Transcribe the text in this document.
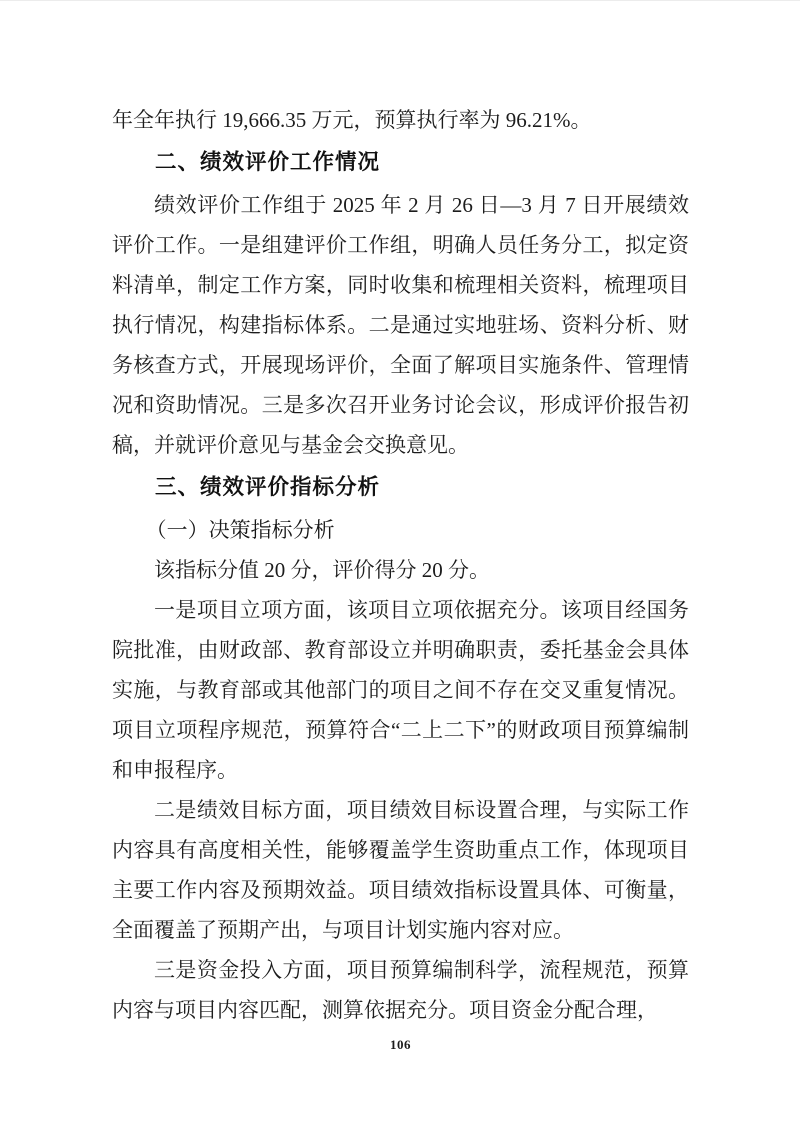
年全年执行 19,666.35 万元，预算执行率为 96.21%。

二、绩效评价工作情况

绩效评价工作组于 2025 年 2 月 26 日—3 月 7 日开展绩效评价工作。一是组建评价工作组，明确人员任务分工，拟定资料清单，制定工作方案，同时收集和梳理相关资料，梳理项目执行情况，构建指标体系。二是通过实地驻场、资料分析、财务核查方式，开展现场评价，全面了解项目实施条件、管理情况和资助情况。三是多次召开业务讨论会议，形成评价报告初稿，并就评价意见与基金会交换意见。

三、绩效评价指标分析

（一）决策指标分析

该指标分值 20 分，评价得分 20 分。

一是项目立项方面，该项目立项依据充分。该项目经国务院批准，由财政部、教育部设立并明确职责，委托基金会具体实施，与教育部或其他部门的项目之间不存在交叉重复情况。项目立项程序规范，预算符合“二上二下”的财政项目预算编制和申报程序。

二是绩效目标方面，项目绩效目标设置合理，与实际工作内容具有高度相关性，能够覆盖学生资助重点工作，体现项目主要工作内容及预期效益。项目绩效指标设置具体、可衡量，全面覆盖了预期产出，与项目计划实施内容对应。

三是资金投入方面，项目预算编制科学，流程规范，预算内容与项目内容匹配，测算依据充分。项目资金分配合理，

106
